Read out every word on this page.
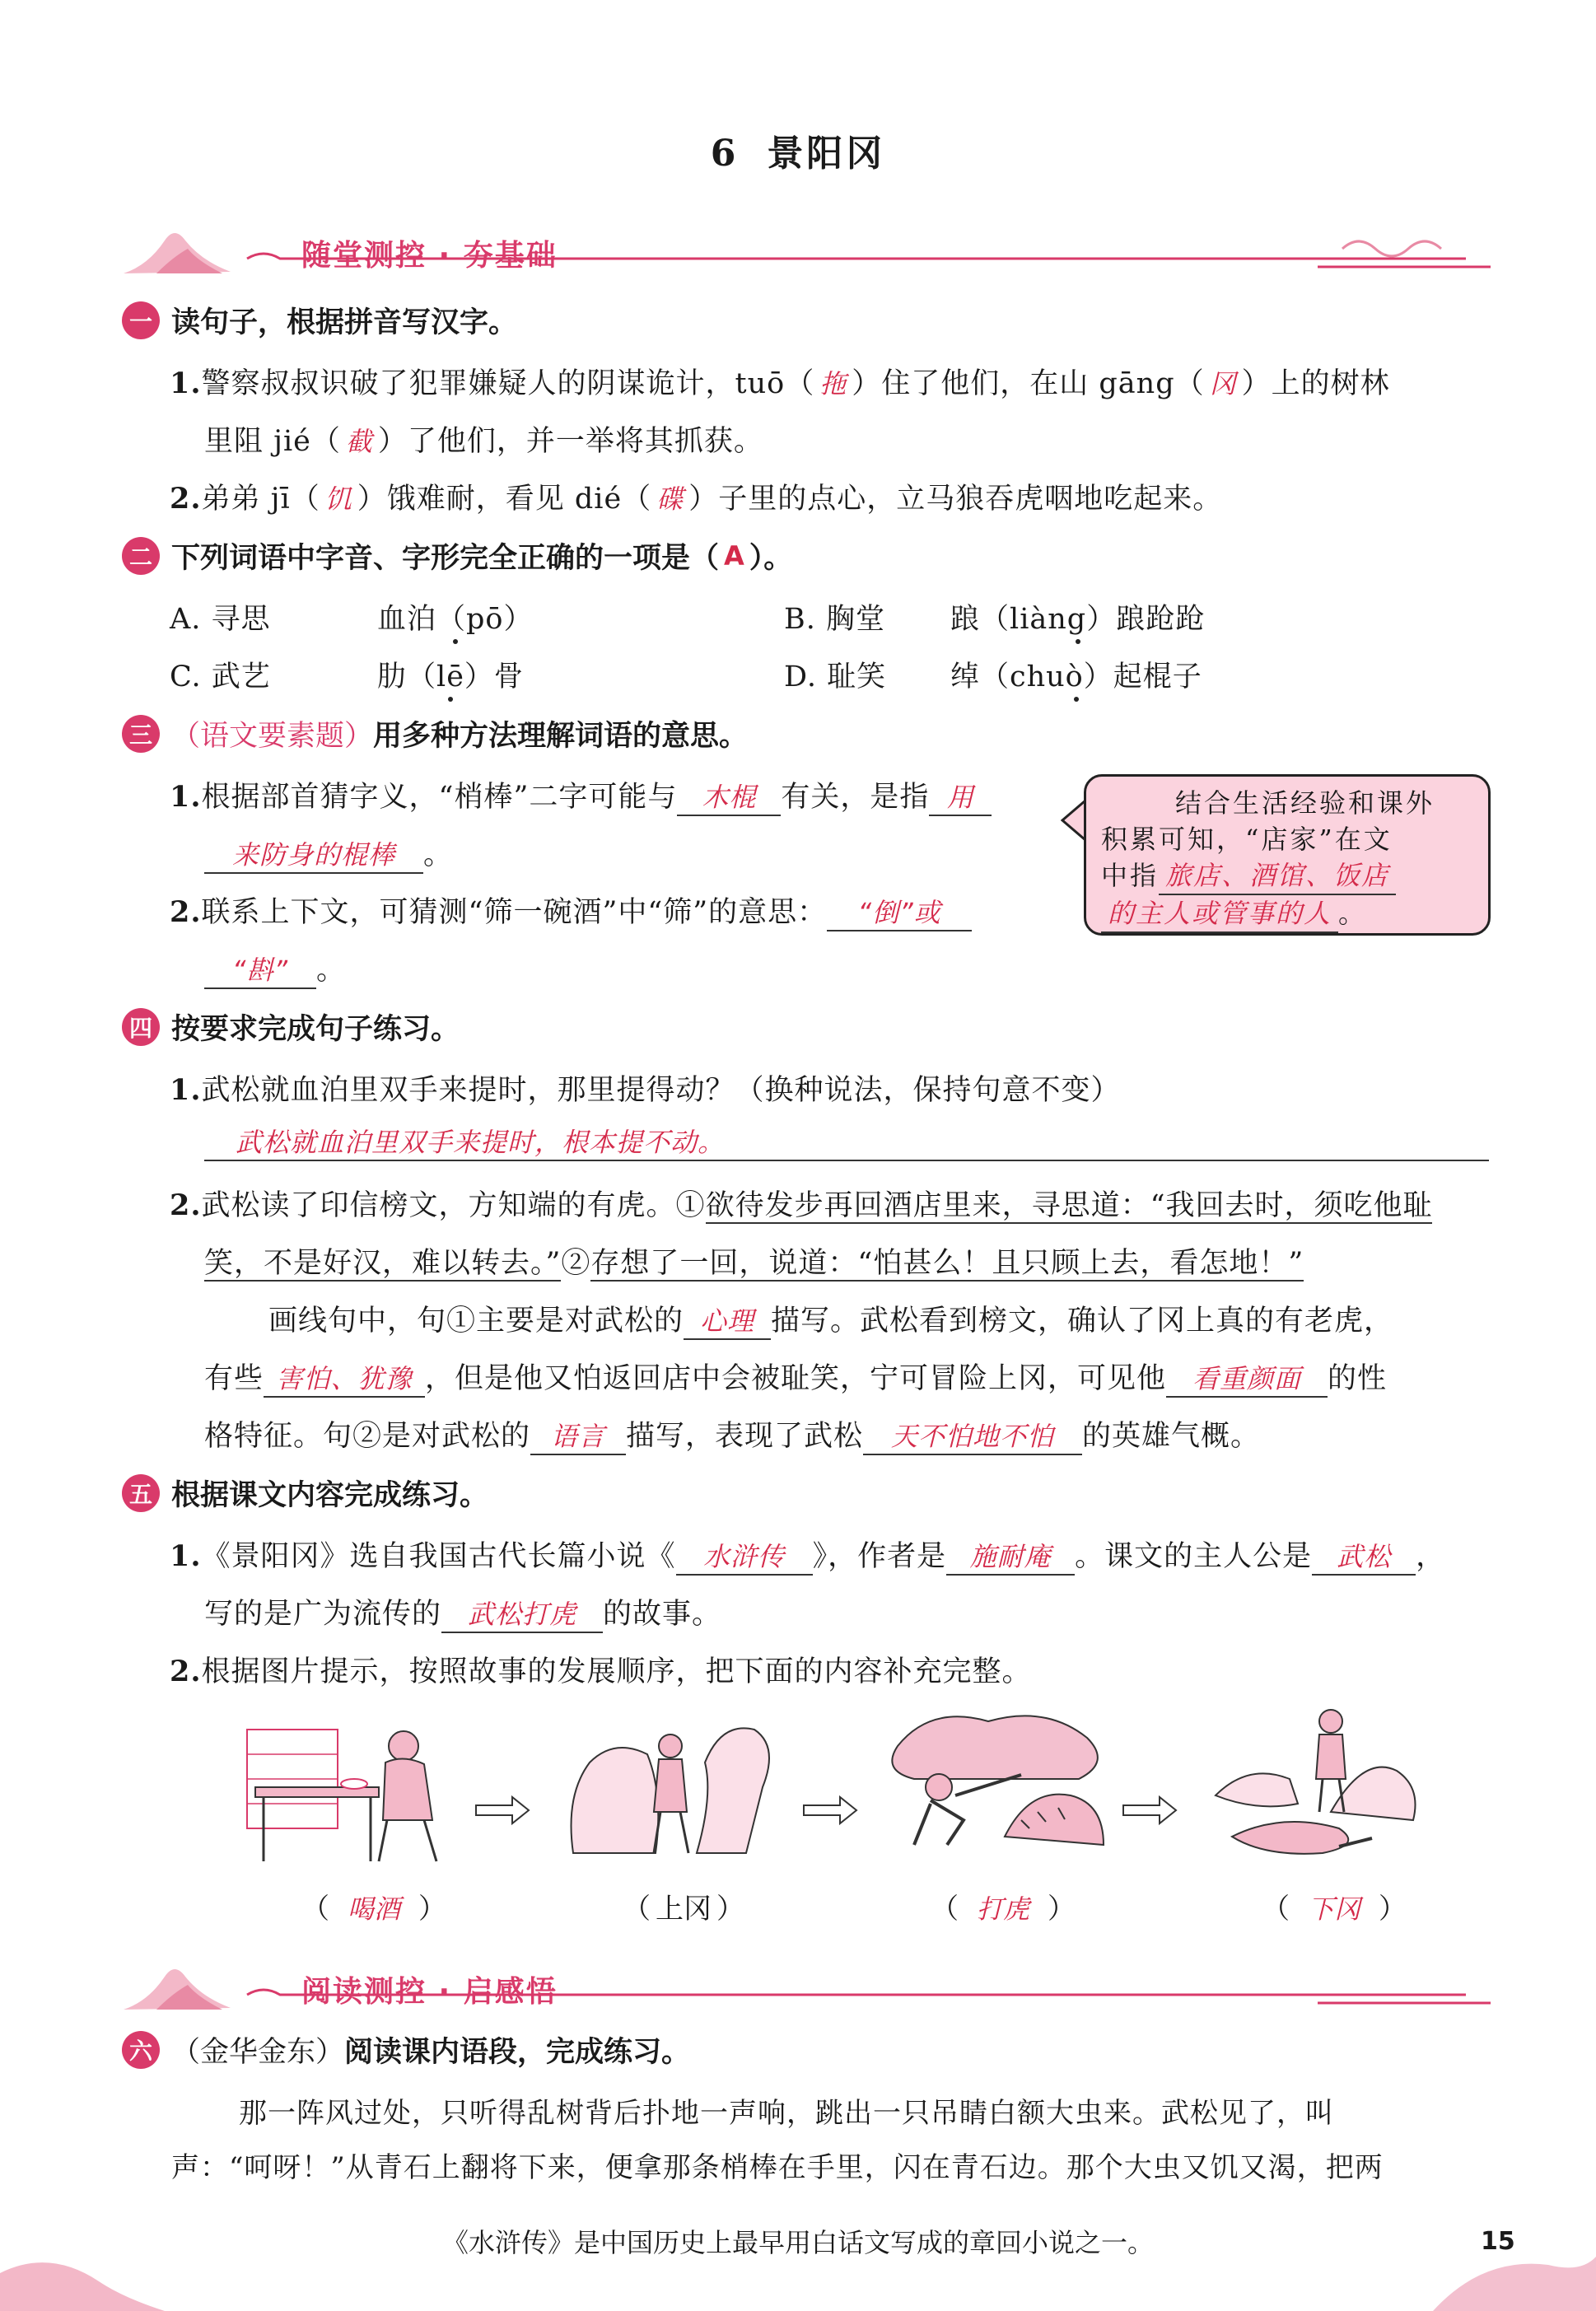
6 景阳冈
随堂测控 · 夯基础
一 读句子，根据拼音写汉字。
1.警察叔叔识破了犯罪嫌疑人的阴谋诡计，tuō（ 拖 ）住了他们，在山 gāng（ 冈 ）上的树林
里阻 jié（ 截 ）了他们，并一举将其抓获。
2.弟弟 jī（ 饥 ）饿难耐，看见 dié（ 碟 ）子里的点心，立马狼吞虎咽地吃起来。
二 下列词语中字音、字形完全正确的一项是（ A ）。
A. 寻思	血泊（pō）	B. 胸堂 踉（liàng）踉跄跄
C. 武艺	肋（lē）骨	D. 耻笑 绰（chuò）起棍子
三 （语文要素题） 用多种方法理解词语的意思。
1.根据部首猜字义，“梢棒”二字可能与 木棍 有关，是指 用
来防身的棍棒 。
2.联系上下文，可猜测“筛一碗酒”中“筛”的意思： “倒”或
“斟” 。
结合生活经验和课外
积累可知，“店家”在文
中指 旅店、酒馆、饭店
的主人或管事的人 。
四 按要求完成句子练习。
1.武松就血泊里双手来提时，那里提得动？（换种说法，保持句意不变）
武松就血泊里双手来提时，根本提不动。
2.武松读了印信榜文，方知端的有虎。①欲待发步再回酒店里来，寻思道：“我回去时，须吃他耻
笑，不是好汉，难以转去。”②存想了一回，说道：“怕甚么！且只顾上去，看怎地！”
画线句中，句①主要是对武松的 心理 描写。武松看到榜文，确认了冈上真的有老虎，
有些 害怕、犹豫 ，但是他又怕返回店中会被耻笑，宁可冒险上冈，可见他 看重颜面 的性
格特征。句②是对武松的 语言 描写，表现了武松 天不怕地不怕 的英雄气概。
五 根据课文内容完成练习。
1.《景阳冈》选自我国古代长篇小说《 水浒传 》，作者是 施耐庵 。课文的主人公是 武松 ，
写的是广为流传的 武松打虎 的故事。
2.根据图片提示，按照故事的发展顺序，把下面的内容补充完整。
（ 喝酒 ）	（ 上冈 ）	（ 打虎 ）	（ 下冈 ）
阅读测控 · 启感悟
六 （金华金东） 阅读课内语段，完成练习。
那一阵风过处，只听得乱树背后扑地一声响，跳出一只吊睛白额大虫来。武松见了，叫
声：“呵呀！”从青石上翻将下来，便拿那条梢棒在手里，闪在青石边。那个大虫又饥又渴，把两
《水浒传》是中国历史上最早用白话文写成的章回小说之一。	15
